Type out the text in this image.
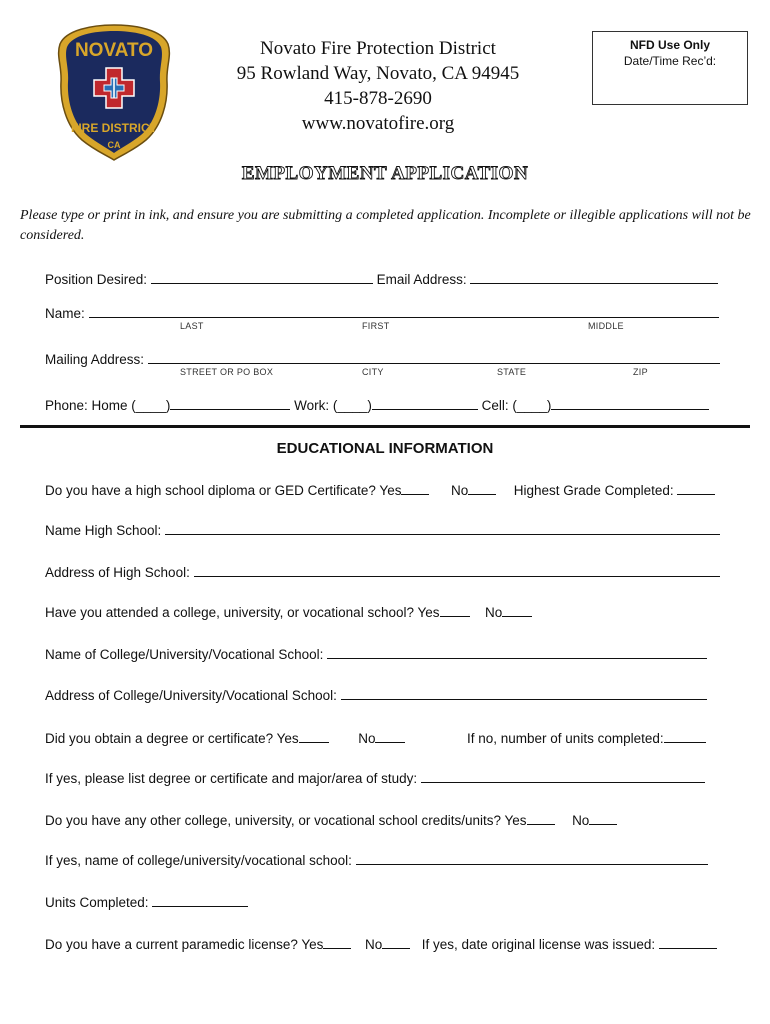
NOVATO
FIRE DISTRICT
CA
Novato Fire Protection District
95 Rowland Way, Novato, CA 94945
415-878-2690
www.novatofire.org
NFD Use Only
Date/Time Rec’d:
EMPLOYMENT APPLICATION
Please type or print in ink, and ensure you are submitting a completed application. Incomplete or illegible applications will not be considered.
Position Desired:	Email Address:
Name:
LAST	FIRST	MIDDLE
Mailing Address:
STREET OR PO BOX	CITY	STATE	ZIP
Phone: Home (____)	Work: (____)	Cell: (____)
EDUCATIONAL INFORMATION
Do you have a high school diploma or GED Certificate? Yes	No	Highest Grade Completed:
Name High School:
Address of High School:
Have you attended a college, university, or vocational school? Yes	No
Name of College/University/Vocational School:
Address of College/University/Vocational School:
Did you obtain a degree or certificate? Yes	No	If no, number of units completed:
If yes, please list degree or certificate and major/area of study:
Do you have any other college, university, or vocational school credits/units? Yes	No
If yes, name of college/university/vocational school:
Units Completed:
Do you have a current paramedic license? Yes	No	If yes, date original license was issued:
